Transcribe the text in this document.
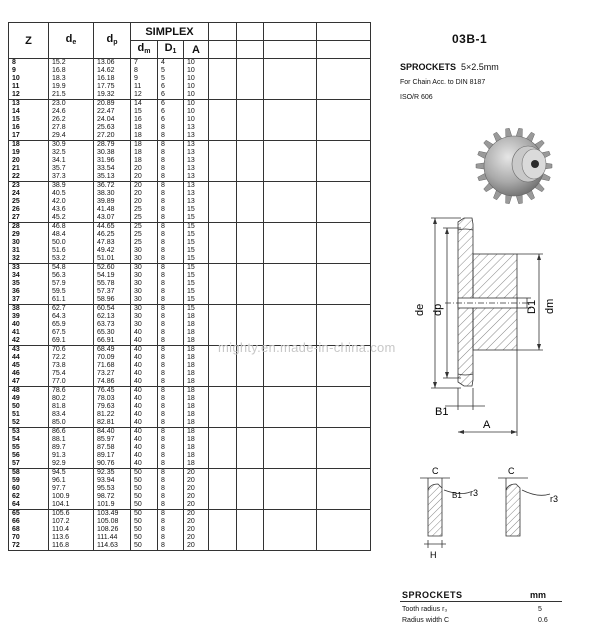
Z	$d_e$	$d_p$	SIMPLEX						
			$d_m$	$D_1$	A				
8	15.2	13.06	7	4	10				
9	16.8	14.62	8	5	10				
10	18.3	16.18	9	5	10				
11	19.9	17.75	11	6	10				
12	21.5	19.32	12	6	10				
13	23.0	20.89	14	6	10				
14	24.6	22.47	15	6	10				
15	26.2	24.04	16	6	10				
16	27.8	25.63	18	8	13				
17	29.4	27.20	18	8	13				
18	30.9	28.79	18	8	13				
19	32.5	30.38	18	8	13				
20	34.1	31.96	18	8	13				
21	35.7	33.54	20	8	13				
22	37.3	35.13	20	8	13				
23	38.9	36.72	20	8	13				
24	40.5	38.30	20	8	13				
25	42.0	39.89	20	8	13				
26	43.6	41.48	25	8	15				
27	45.2	43.07	25	8	15				
28	46.8	44.65	25	8	15				
29	48.4	46.25	25	8	15				
30	50.0	47.83	25	8	15				
31	51.6	49.42	30	8	15				
32	53.2	51.01	30	8	15				
33	54.8	52.60	30	8	15				
34	56.3	54.19	30	8	15				
35	57.9	55.78	30	8	15				
36	59.5	57.37	30	8	15				
37	61.1	58.96	30	8	15				
38	62.7	60.54	30	8	15				
39	64.3	62.13	30	8	18				
40	65.9	63.73	30	8	18				
41	67.5	65.30	40	8	18				
42	69.1	66.91	40	8	18				
43	70.6	68.49	40	8	18				
44	72.2	70.09	40	8	18				
45	73.8	71.68	40	8	18				
46	75.4	73.27	40	8	18				
47	77.0	74.86	40	8	18				
48	78.6	76.45	40	8	18				
49	80.2	78.03	40	8	18				
50	81.8	79.63	40	8	18				
51	83.4	81.22	40	8	18				
52	85.0	82.81	40	8	18				
53	86.6	84.40	40	8	18				
54	88.1	85.97	40	8	18				
55	89.7	87.58	40	8	18				
56	91.3	89.17	40	8	18				
57	92.9	90.76	40	8	18				
58	94.5	92.35	50	8	20				
59	96.1	93.94	50	8	20				
60	97.7	95.53	50	8	20				
62	100.9	98.72	50	8	20				
64	104.1	101.9	50	8	20				
65	105.6	103.49	50	8	20				
66	107.2	105.08	50	8	20				
68	110.4	108.26	50	8	20				
70	113.6	111.44	50	8	20				
72	116.8	114.63	50	8	20				
03B-1
SPROCKETS 5×2.5mm
For Chain Acc. to DIN 8187
ISO/R 606
de dp	D1 dm
B1
A
C
r3
H
C
r3
B1
mighty.en.made-in-china.com
SPROCKETS	mm
Tooth radius r₃	5
Radius width C	0.6
